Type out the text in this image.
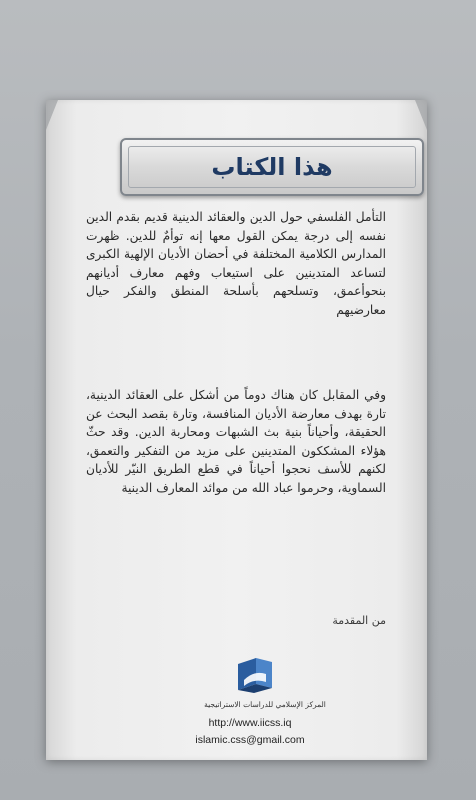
هذا الكتاب

التأمل الفلسفي حول الدين والعقائد الدينية قديم بقدم الدين نفسه إلى درجة يمكن القول معها إنه توأمٌ للدين. ظهرت المدارس الكلامية المختلفة في أحضان الأديان الإلهية الكبرى لتساعد المتدينين على استيعاب وفهم معارف أديانهم بنحوأعمق، وتسلحهم بأسلحة المنطق والفكر حيال معارضيهم

وفي المقابل كان هناك دوماً من أشكل على العقائد الدينية، تارة بهدف معارضة الأديان المنافسة، وتارة بقصد البحث عن الحقيقة، وأحياناً بنية بث الشبهات ومحاربة الدين. وقد حثّ هؤلاء المشككون المتدينين على مزيد من التفكير والتعمق، لكنهم للأسف نحجوا أحياناً في قطع الطريق النيّر للأديان السماوية، وحرموا عباد الله من موائد المعارف الدينية

من المقدمة
المركز الإسلامي للدراسات الاستراتيجية
http://www.iicss.iq
islamic.css@gmail.com
